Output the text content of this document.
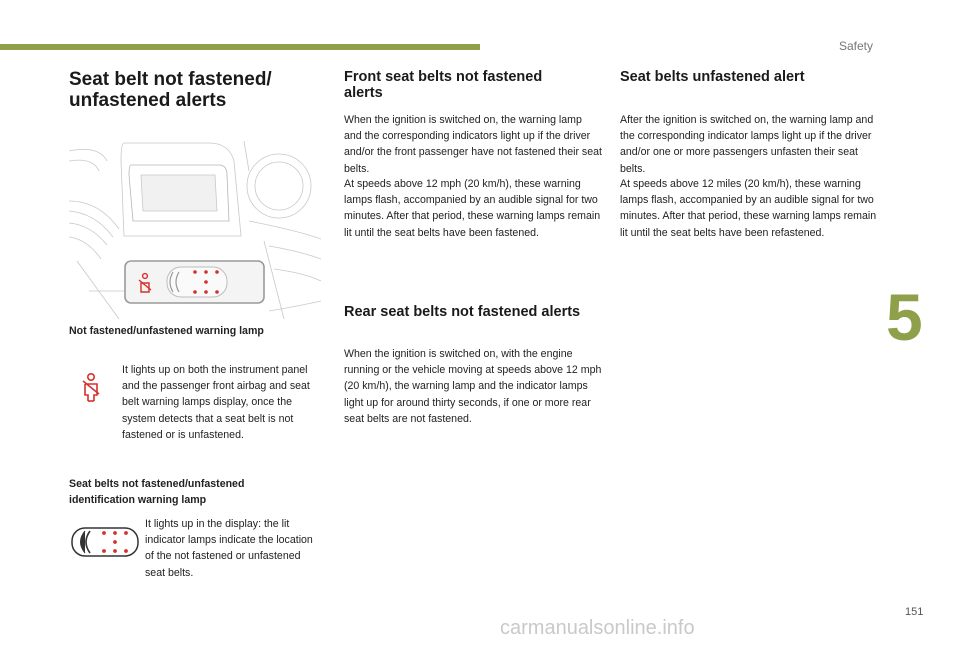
Safety
Seat belt not fastened/
unfastened alerts

Not fastened/unfastened warning lamp

It lights up on both the instrument panel and the passenger front airbag and seat belt warning lamps display, once the system detects that a seat belt is not fastened or is unfastened.

Seat belts not fastened/unfastened identification warning lamp

It lights up in the display: the lit indicator lamps indicate the location of the not fastened or unfastened seat belts.

Front seat belts not fastened alerts

When the ignition is switched on, the warning lamp and the corresponding indicators light up if the driver and/or the front passenger have not fastened their seat belts.

At speeds above 12 mph (20 km/h), these warning lamps flash, accompanied by an audible signal for two minutes. After that period, these warning lamps remain lit until the seat belts have been fastened.

Rear seat belts not fastened alerts

When the ignition is switched on, with the engine running or the vehicle moving at speeds above 12 mph (20 km/h), the warning lamp and the indicator lamps light up for around thirty seconds, if one or more rear seat belts are not fastened.

Seat belts unfastened alert

After the ignition is switched on, the warning lamp and the corresponding indicator lamps light up if the driver and/or one or more passengers unfasten their seat belts.

At speeds above 12 miles (20 km/h), these warning lamps flash, accompanied by an audible signal for two minutes. After that period, these warning lamps remain lit until the seat belts have been refastened.

5
151
carmanualsonline.info
